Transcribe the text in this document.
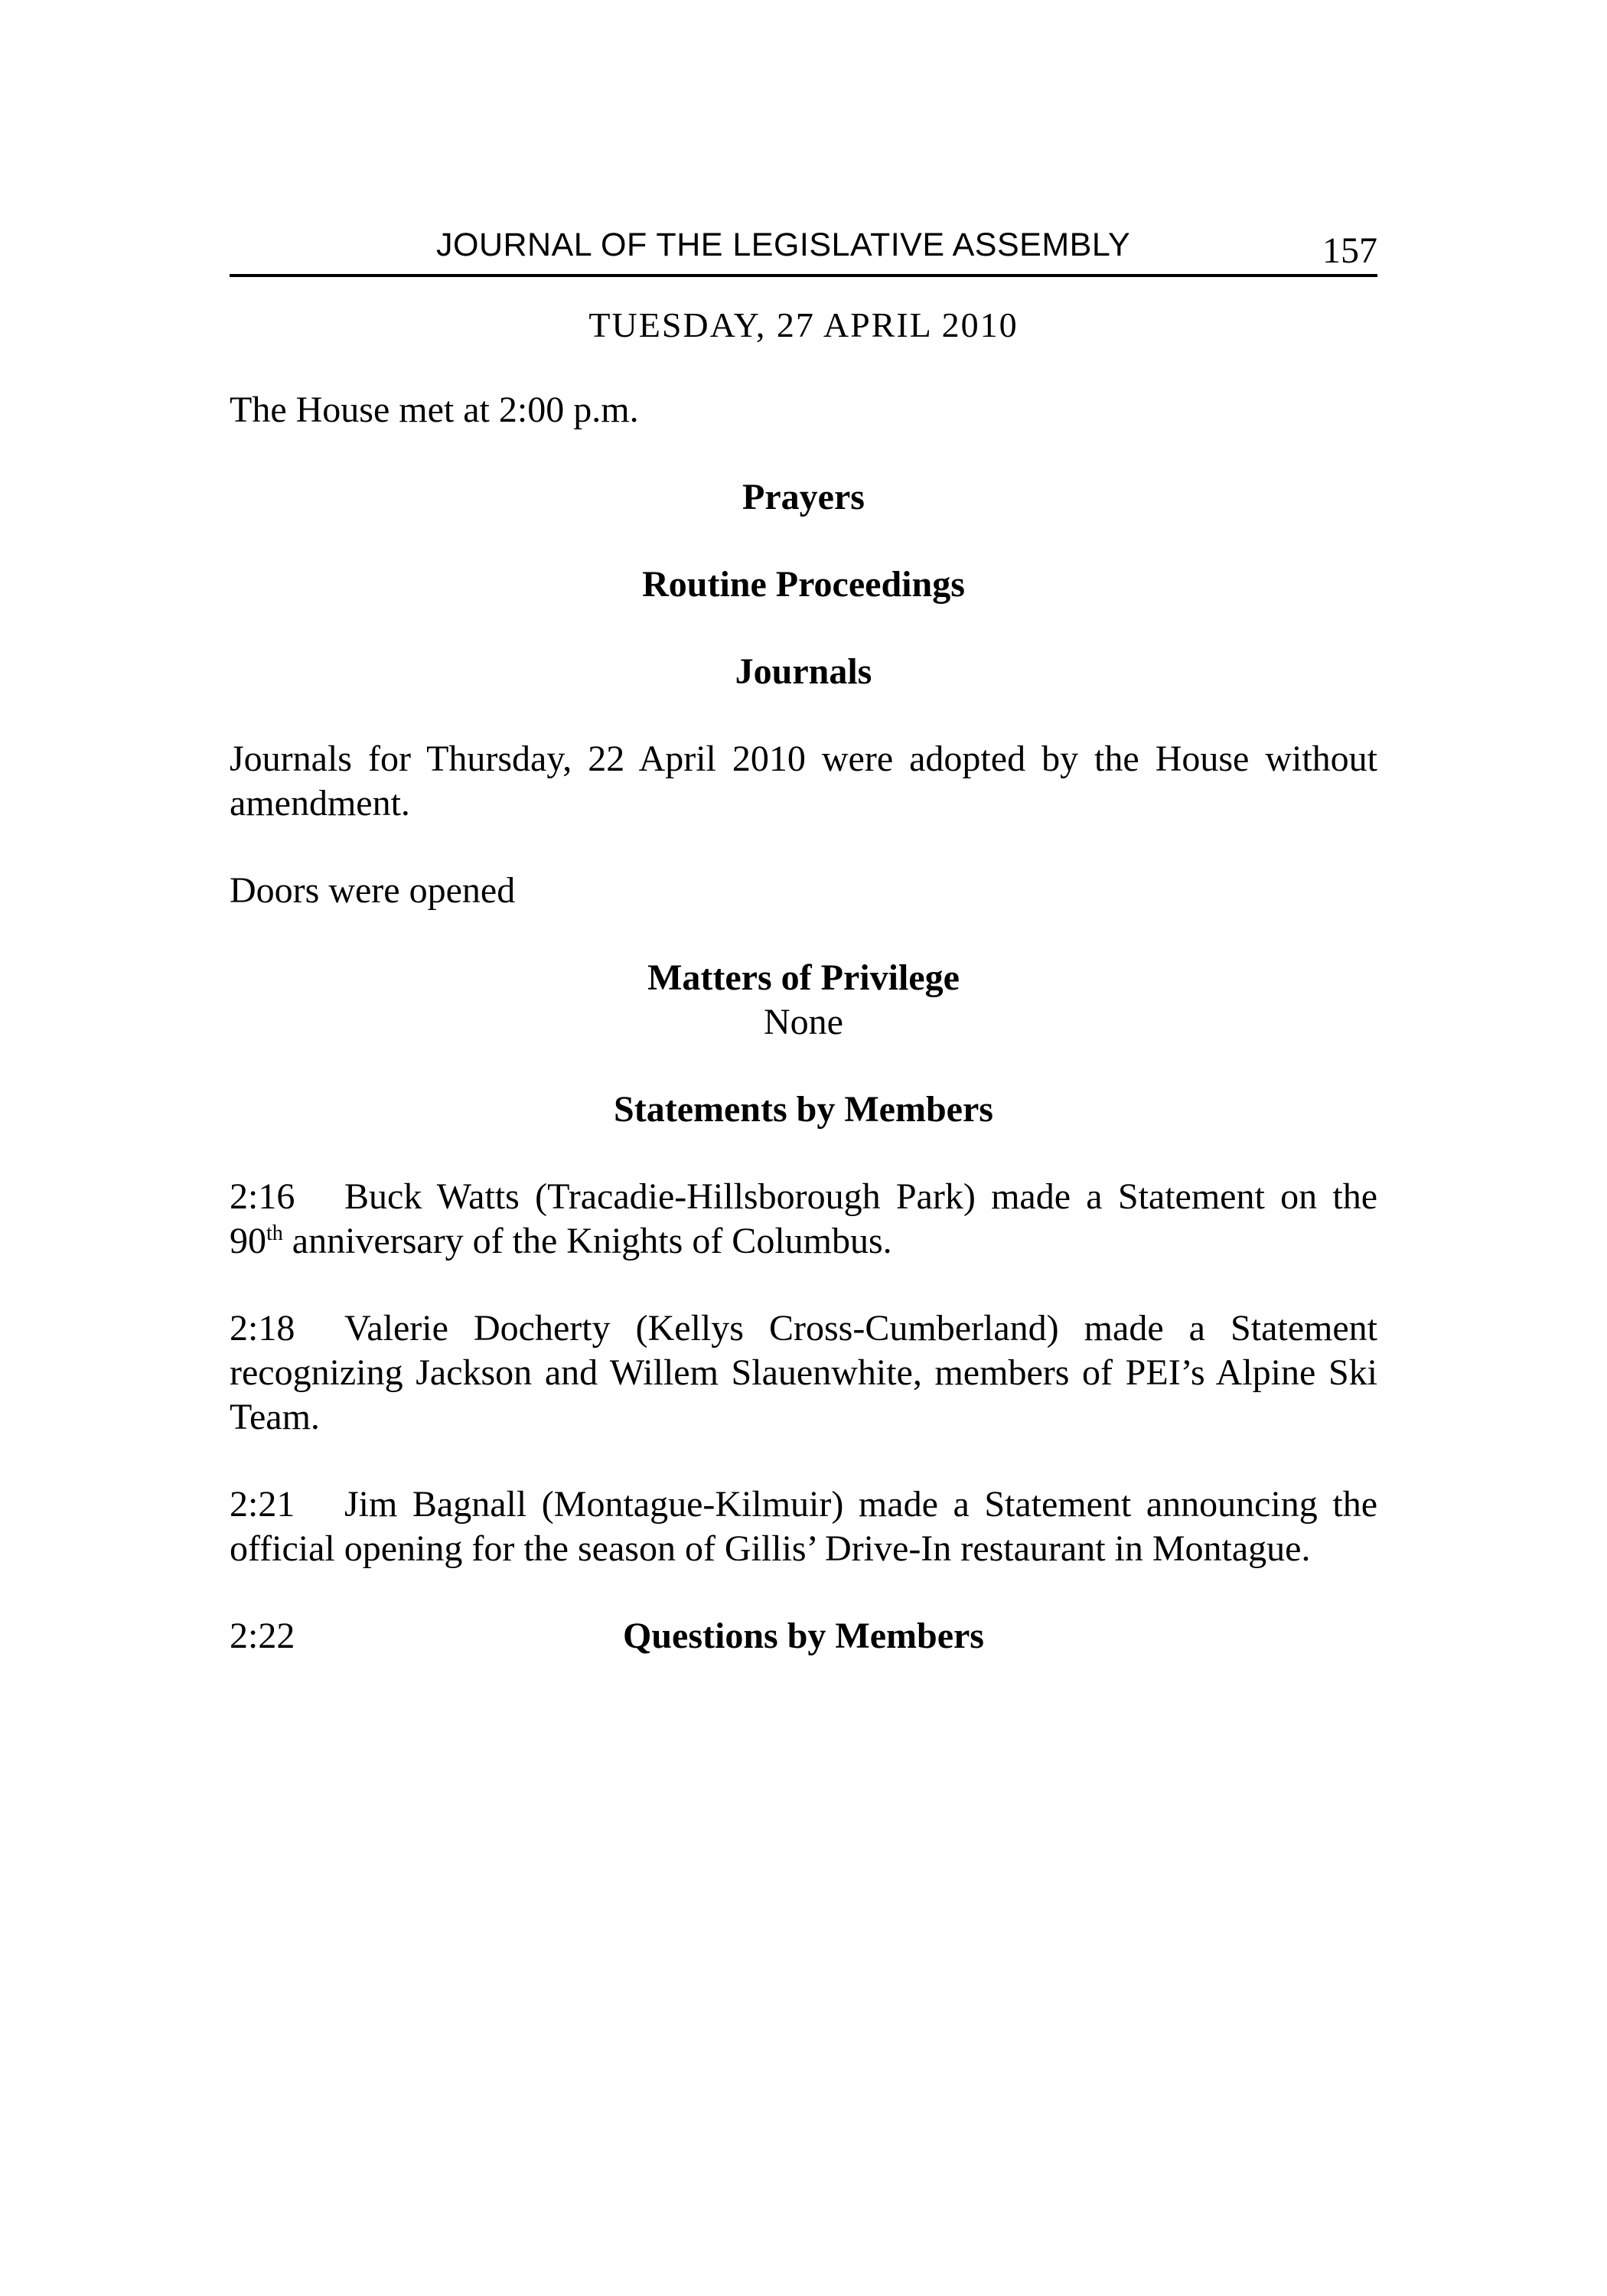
JOURNAL OF THE LEGISLATIVE ASSEMBLY	157
TUESDAY, 27 APRIL 2010

The House met at 2:00 p.m.

Prayers
Routine Proceedings
Journals

Journals for Thursday, 22 April 2010 were adopted by the House without amendment.

Doors were opened

Matters of Privilege
None
Statements by Members

2:16 Buck Watts (Tracadie-Hillsborough Park) made a Statement on the 90th anniversary of the Knights of Columbus.

2:18 Valerie Docherty (Kellys Cross-Cumberland) made a Statement recognizing Jackson and Willem Slauenwhite, members of PEI’s Alpine Ski Team.

2:21 Jim Bagnall (Montague-Kilmuir) made a Statement announcing the official opening for the season of Gillis’ Drive-In restaurant in Montague.

2:22	Questions by Members
